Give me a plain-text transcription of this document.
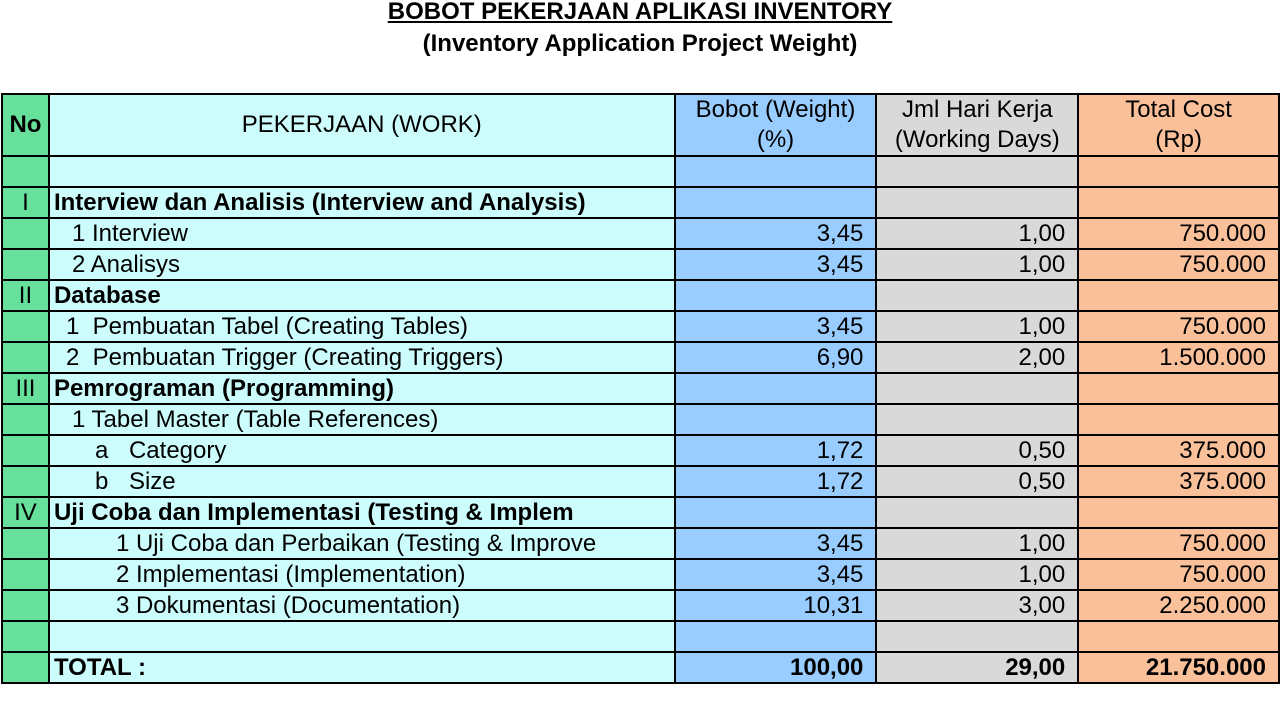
BOBOT PEKERJAAN APLIKASI INVENTORY
(Inventory Application Project Weight)
No	PEKERJAAN (WORK)	Bobot (Weight)	Jml Hari Kerja	Total Cost
		(%)	(Working Days)	(Rp)

I	Interview dan Analisis (Interview and Analysis)			
	1 Interview	3,45	1,00	750.000
	2 Analisys	3,45	1,00	750.000
II	Database			
	1 Pembuatan Tabel (Creating Tables)	3,45	1,00	750.000
	2 Pembuatan Trigger (Creating Triggers)	6,90	2,00	1.500.000
III	Pemrograman (Programming)			
	1 Tabel Master (Table References)			
	a Category	1,72	0,50	375.000
	b Size	1,72	0,50	375.000
IV	Uji Coba dan Implementasi (Testing & Implem			
	1 Uji Coba dan Perbaikan (Testing & Improve	3,45	1,00	750.000
	2 Implementasi (Implementation)	3,45	1,00	750.000
	3 Dokumentasi (Documentation)	10,31	3,00	2.250.000

	TOTAL :	100,00	29,00	21.750.000
